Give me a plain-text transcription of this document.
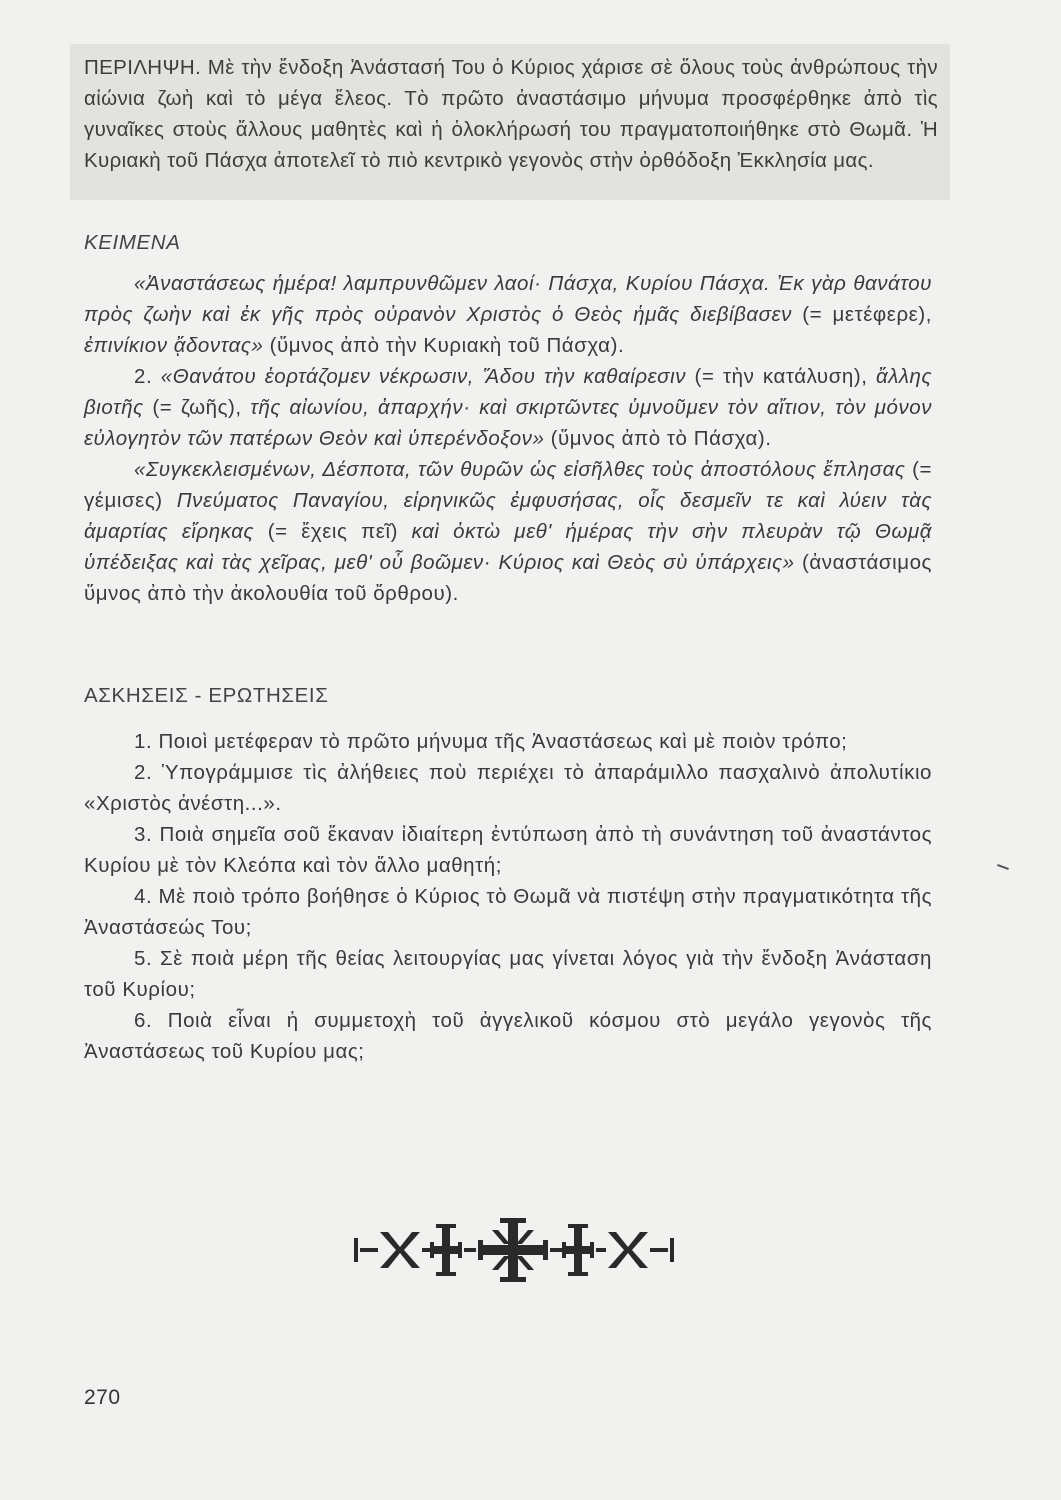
ΠΕΡΙΛΗΨΗ. Μὲ τὴν ἔνδοξη Ἀνάστασή Του ὁ Κύριος χάρισε σὲ ὅλους τοὺς ἀνθρώπους τὴν αἰώνια ζωὴ καὶ τὸ μέγα ἔλεος. Τὸ πρῶτο ἀναστάσιμο μήνυμα προσφέρθηκε ἀπὸ τὶς γυναῖκες στοὺς ἄλλους μαθητὲς καὶ ἡ ὁλοκλήρωσή του πραγματοποιήθηκε στὸ Θωμᾶ. Ἡ Κυριακὴ τοῦ Πάσχα ἀποτελεῖ τὸ πιὸ κεντρικὸ γεγονὸς στὴν ὀρθόδοξη Ἐκκλησία μας.

ΚΕΙΜΕΝΑ

«Ἀναστάσεως ἡμέρα! λαμπρυνθῶμεν λαοί· Πάσχα, Κυρίου Πάσχα. Ἐκ γὰρ θανάτου πρὸς ζωὴν καὶ ἐκ γῆς πρὸς οὐρανὸν Χριστὸς ὁ Θεὸς ἡμᾶς διεβίβασεν (= μετέφερε), ἐπινίκιον ᾄδοντας» (ὕμνος ἀπὸ τὴν Κυριακὴ τοῦ Πάσχα).

2. «Θανάτου ἑορτάζομεν νέκρωσιν, Ἅδου τὴν καθαίρεσιν (= τὴν κατάλυση), ἄλλης βιοτῆς (= ζωῆς), τῆς αἰωνίου, ἀπαρχήν· καὶ σκιρτῶντες ὑμνοῦμεν τὸν αἴτιον, τὸν μόνον εὐλογητὸν τῶν πατέρων Θεὸν καὶ ὑπερένδοξον» (ὕμνος ἀπὸ τὸ Πάσχα).

«Συγκεκλεισμένων, Δέσποτα, τῶν θυρῶν ὡς εἰσῆλθες τοὺς ἀποστόλους ἔπλησας (= γέμισες) Πνεύματος Παναγίου, εἰρηνικῶς ἐμφυσήσας, οἷς δεσμεῖν τε καὶ λύειν τὰς ἁμαρτίας εἴρηκας (= ἔχεις πεῖ) καὶ ὀκτὼ μεθ' ἡμέρας τὴν σὴν πλευρὰν τῷ Θωμᾷ ὑπέδειξας καὶ τὰς χεῖρας, μεθ' οὗ βοῶμεν· Κύριος καὶ Θεὸς σὺ ὑπάρχεις» (ἀναστάσιμος ὕμνος ἀπὸ τὴν ἀκολουθία τοῦ ὄρθρου).

ΑΣΚΗΣΕΙΣ - ΕΡΩΤΗΣΕΙΣ

1. Ποιοὶ μετέφεραν τὸ πρῶτο μήνυμα τῆς Ἀναστάσεως καὶ μὲ ποιὸν τρόπο;

2. Ὑπογράμμισε τὶς ἀλήθειες ποὺ περιέχει τὸ ἀπαράμιλλο πασχαλινὸ ἀπολυτίκιο «Χριστὸς ἀνέστη...».

3. Ποιὰ σημεῖα σοῦ ἔκαναν ἰδιαίτερη ἐντύπωση ἀπὸ τὴ συνάντηση τοῦ ἀναστάντος Κυρίου μὲ τὸν Κλεόπα καὶ τὸν ἄλλο μαθητή;

4. Μὲ ποιὸ τρόπο βοήθησε ὁ Κύριος τὸ Θωμᾶ νὰ πιστέψη στὴν πραγματικότητα τῆς Ἀναστάσεώς Του;

5. Σὲ ποιὰ μέρη τῆς θείας λειτουργίας μας γίνεται λόγος γιὰ τὴν ἔνδοξη Ἀνάσταση τοῦ Κυρίου;

6. Ποιὰ εἶναι ἡ συμμετοχὴ τοῦ ἀγγελικοῦ κόσμου στὸ μεγάλο γεγονὸς τῆς Ἀναστάσεως τοῦ Κυρίου μας;

270
